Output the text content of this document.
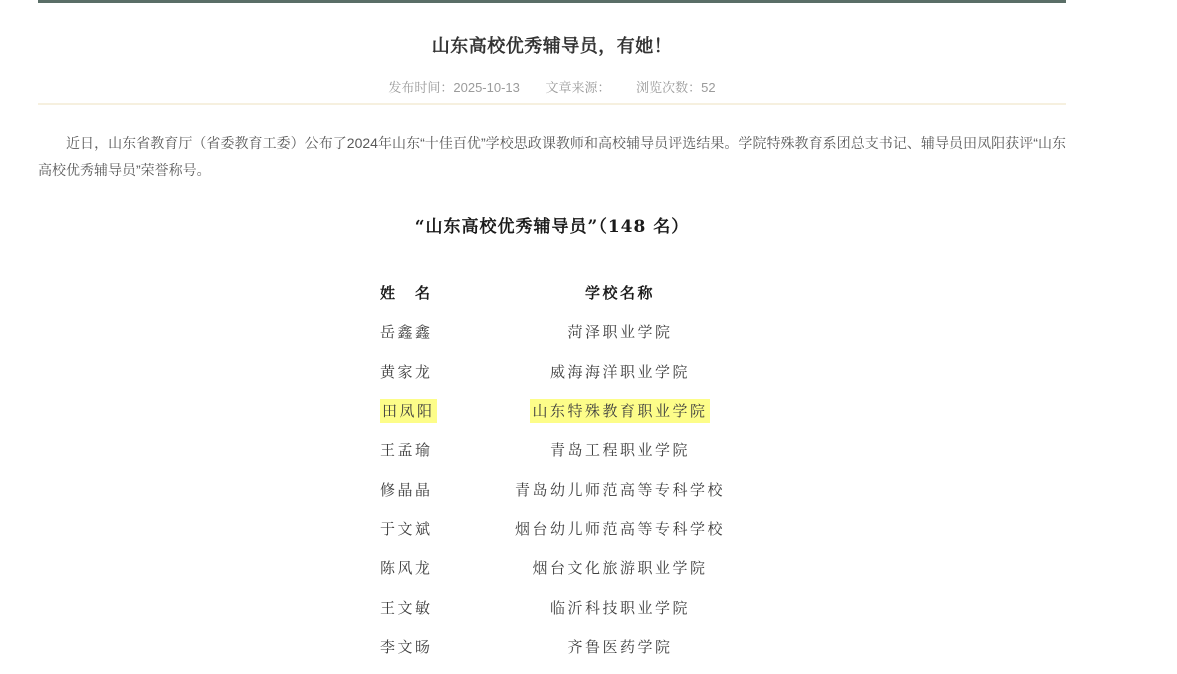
山东高校优秀辅导员，有她！
发布时间：2025-10-13 文章来源： 浏览次数：52

近日，山东省教育厅（省委教育工委）公布了2024年山东“十佳百优”学校思政课教师和高校辅导员评选结果。学院特殊教育系团总支书记、辅导员田凤阳获评“山东高校优秀辅导员”荣誉称号。

“山东高校优秀辅导员”（148 名）
姓　名	学校名称
岳鑫鑫	菏泽职业学院
黄家龙	威海海洋职业学院
田凤阳	山东特殊教育职业学院
王孟瑜	青岛工程职业学院
修晶晶	青岛幼儿师范高等专科学校
于文斌	烟台幼儿师范高等专科学校
陈风龙	烟台文化旅游职业学院
王文敏	临沂科技职业学院
李文旸	齐鲁医药学院
